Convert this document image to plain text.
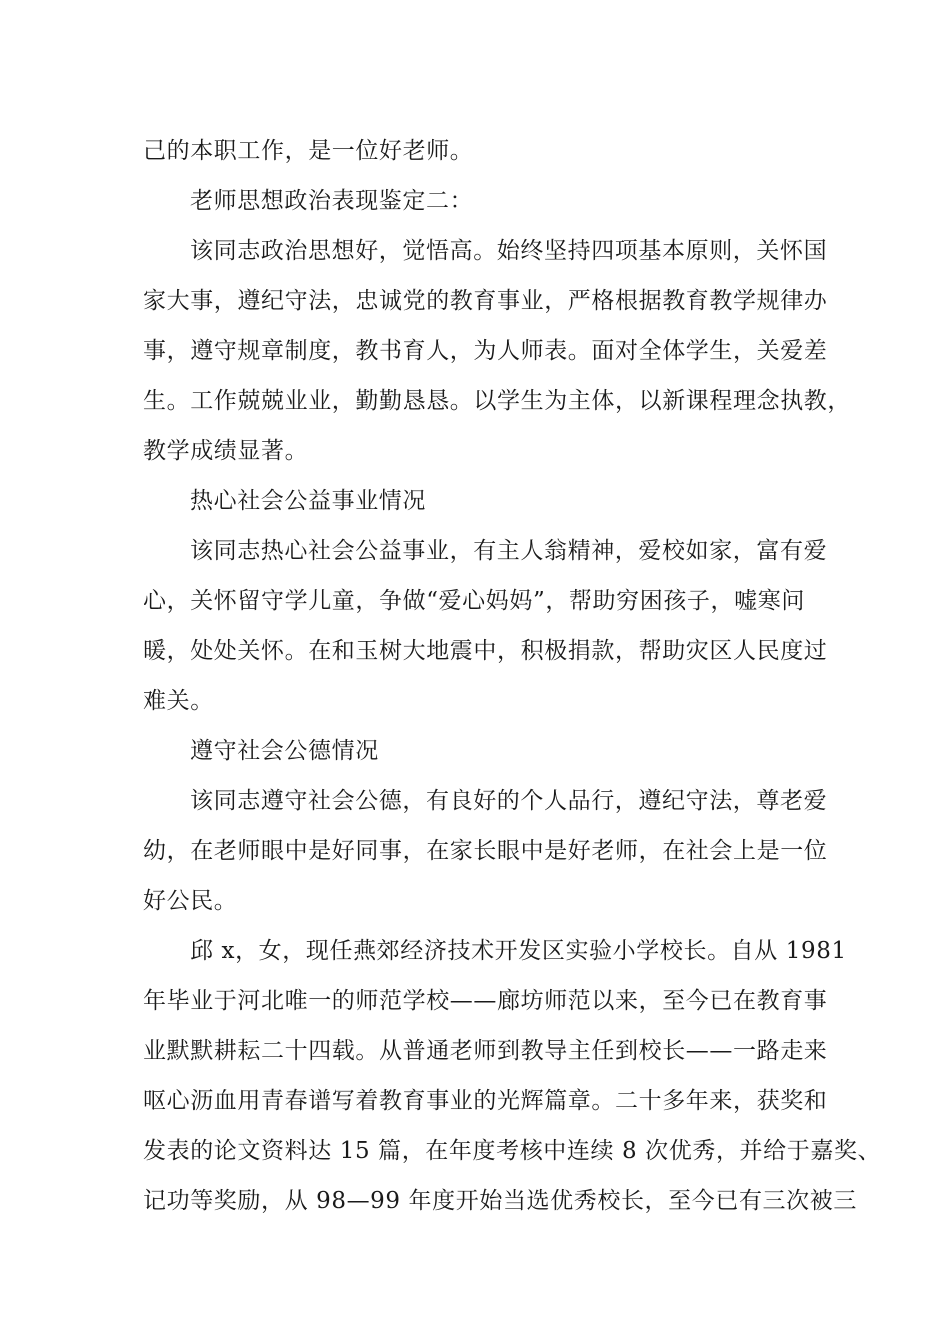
己的本职工作，是一位好老师。
老师思想政治表现鉴定二：
该同志政治思想好，觉悟高。始终坚持四项基本原则，关怀国
家大事，遵纪守法，忠诚党的教育事业，严格根据教育教学规律办
事，遵守规章制度，教书育人，为人师表。面对全体学生，关爱差
生。工作兢兢业业，勤勤恳恳。以学生为主体，以新课程理念执教，
教学成绩显著。
热心社会公益事业情况
该同志热心社会公益事业，有主人翁精神，爱校如家，富有爱
心，关怀留守学儿童，争做“爱心妈妈”，帮助穷困孩子，嘘寒问
暖，处处关怀。在和玉树大地震中，积极捐款，帮助灾区人民度过
难关。
遵守社会公德情况
该同志遵守社会公德，有良好的个人品行，遵纪守法，尊老爱
幼，在老师眼中是好同事，在家长眼中是好老师，在社会上是一位
好公民。
邱 x，女，现任燕郊经济技术开发区实验小学校长。自从 1981
年毕业于河北唯一的师范学校——廊坊师范以来，至今已在教育事
业默默耕耘二十四载。从普通老师到教导主任到校长——一路走来
呕心沥血用青春谱写着教育事业的光辉篇章。二十多年来，获奖和
发表的论文资料达 15 篇，在年度考核中连续 8 次优秀，并给于嘉奖、
记功等奖励，从 98—99 年度开始当选优秀校长，至今已有三次被三
